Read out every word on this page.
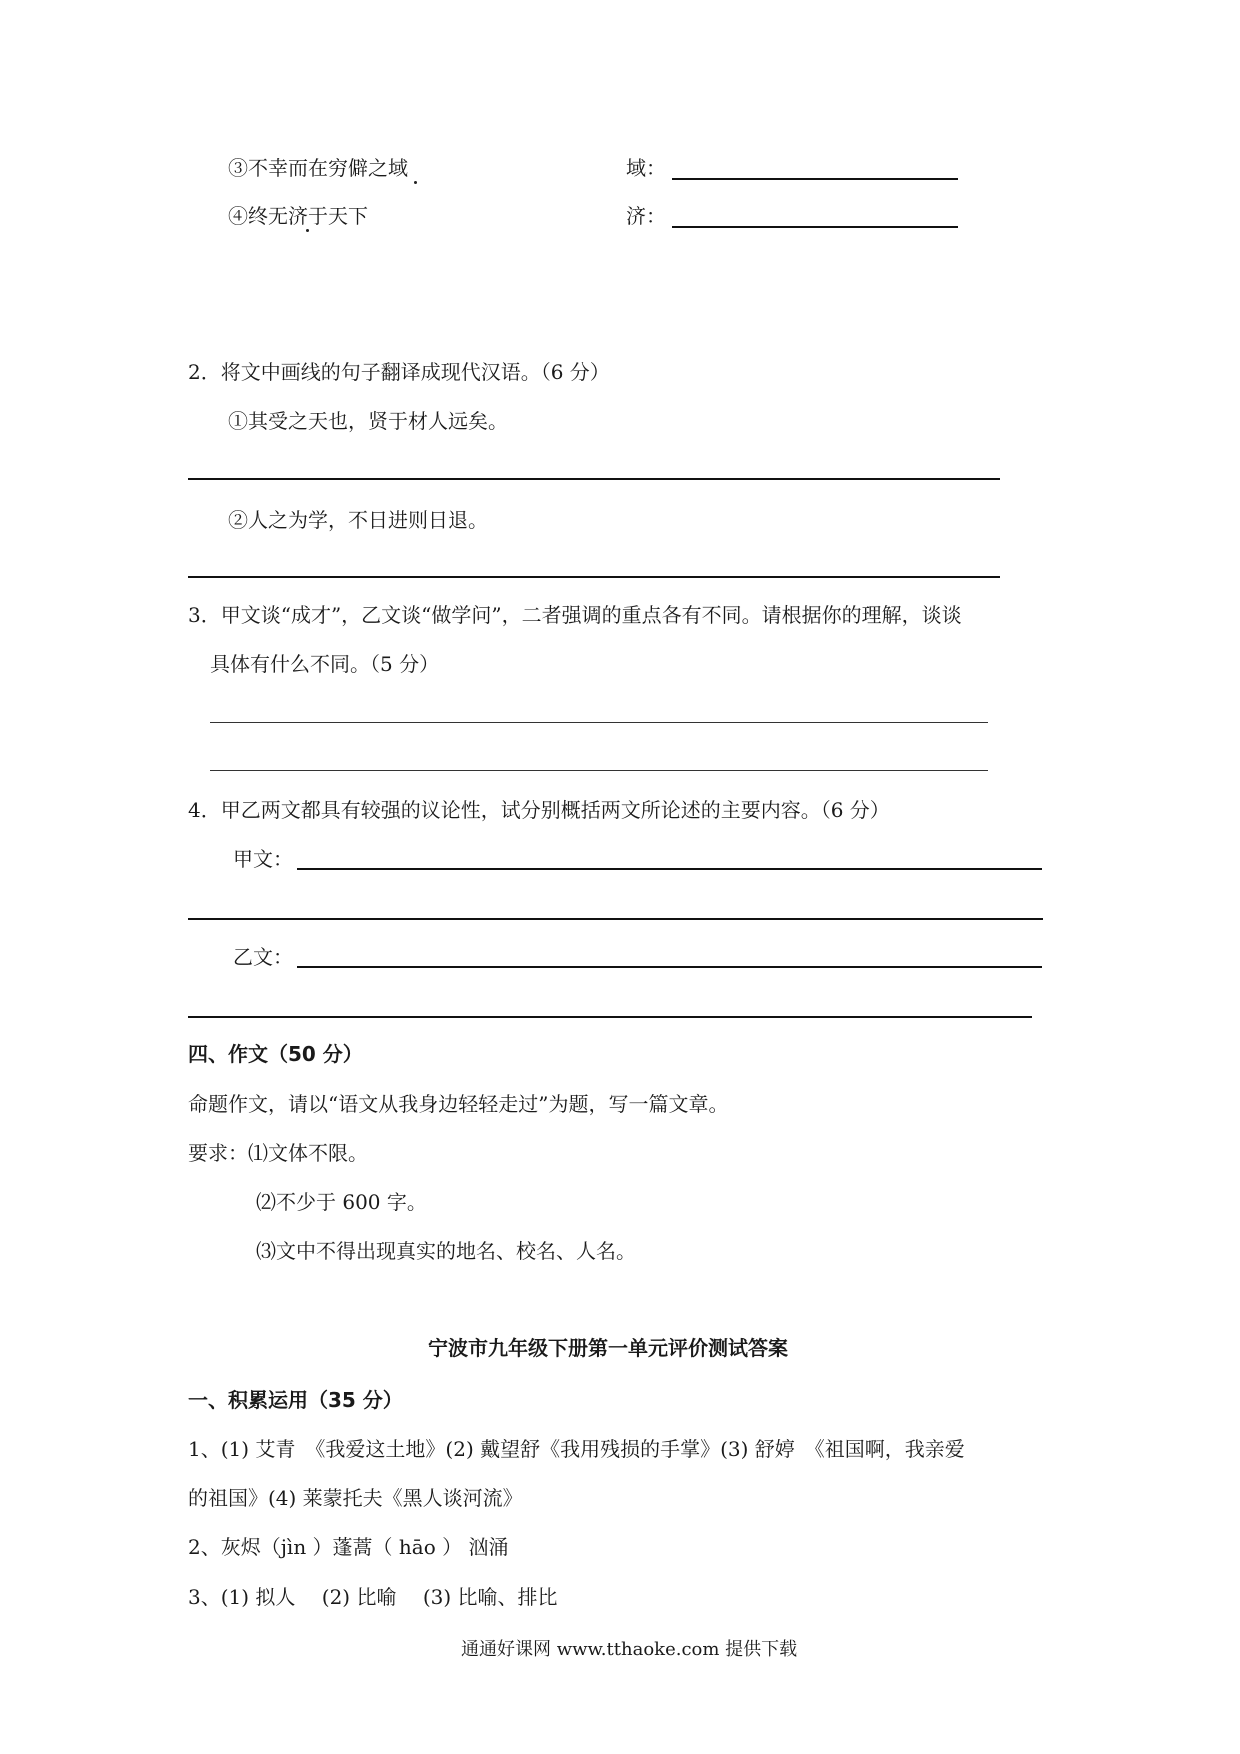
③不幸而在穷僻之域	域：
④终无济于天下	济：
2．将文中画线的句子翻译成现代汉语。（6 分）
①其受之天也，贤于材人远矣。
②人之为学，不日进则日退。
3．甲文谈“成才”，乙文谈“做学问”，二者强调的重点各有不同。请根据你的理解，谈谈
具体有什么不同。（5 分）
4．甲乙两文都具有较强的议论性，试分别概括两文所论述的主要内容。（6 分）
甲文：
乙文：
四、作文（50 分）
命题作文，请以“语文从我身边轻轻走过”为题，写一篇文章。
要求：⑴文体不限。
⑵不少于 600 字。
⑶文中不得出现真实的地名、校名、人名。
宁波市九年级下册第一单元评价测试答案
一、积累运用（35 分）
1、(1) 艾青　《我爱这土地》(2) 戴望舒《我用残损的手掌》(3) 舒婷　《祖国啊，我亲爱
的祖国》(4) 莱蒙托夫《黑人谈河流》
2、灰烬（jìn ）蓬蒿（ hāo ） 汹涌
3、(1) 拟人　 (2) 比喻　 (3) 比喻、排比
通通好课网 www.tthaoke.com 提供下载
